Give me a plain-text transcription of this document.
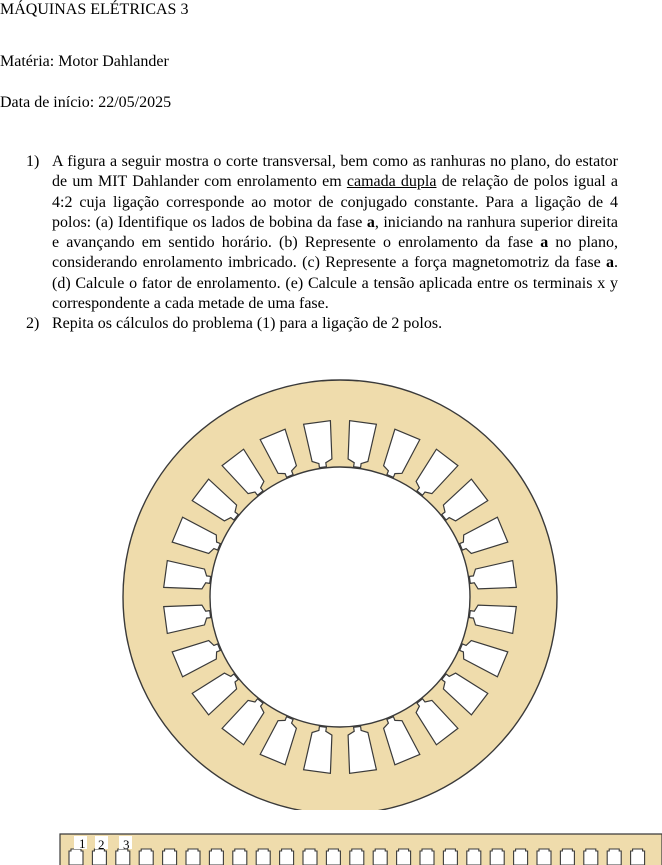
MÁQUINAS ELÉTRICAS 3
Matéria: Motor Dahlander
Data de início: 22/05/2025
1) A figura a seguir mostra o corte transversal, bem como as ranhuras no plano, do estator de um MIT Dahlander com enrolamento em camada dupla de relação de polos igual a 4:2 cuja ligação corresponde ao motor de conjugado constante. Para a ligação de 4 polos: (a) Identifique os lados de bobina da fase a, iniciando na ranhura superior direita e avançando em sentido horário. (b) Represente o enrolamento da fase a no plano, considerando enrolamento imbricado. (c) Represente a força magnetomotriz da fase a. (d) Calcule o fator de enrolamento. (e) Calcule a tensão aplicada entre os terminais x y correspondente a cada metade de uma fase.
2) Repita os cálculos do problema (1) para a ligação de 2 polos.
1 2 3
